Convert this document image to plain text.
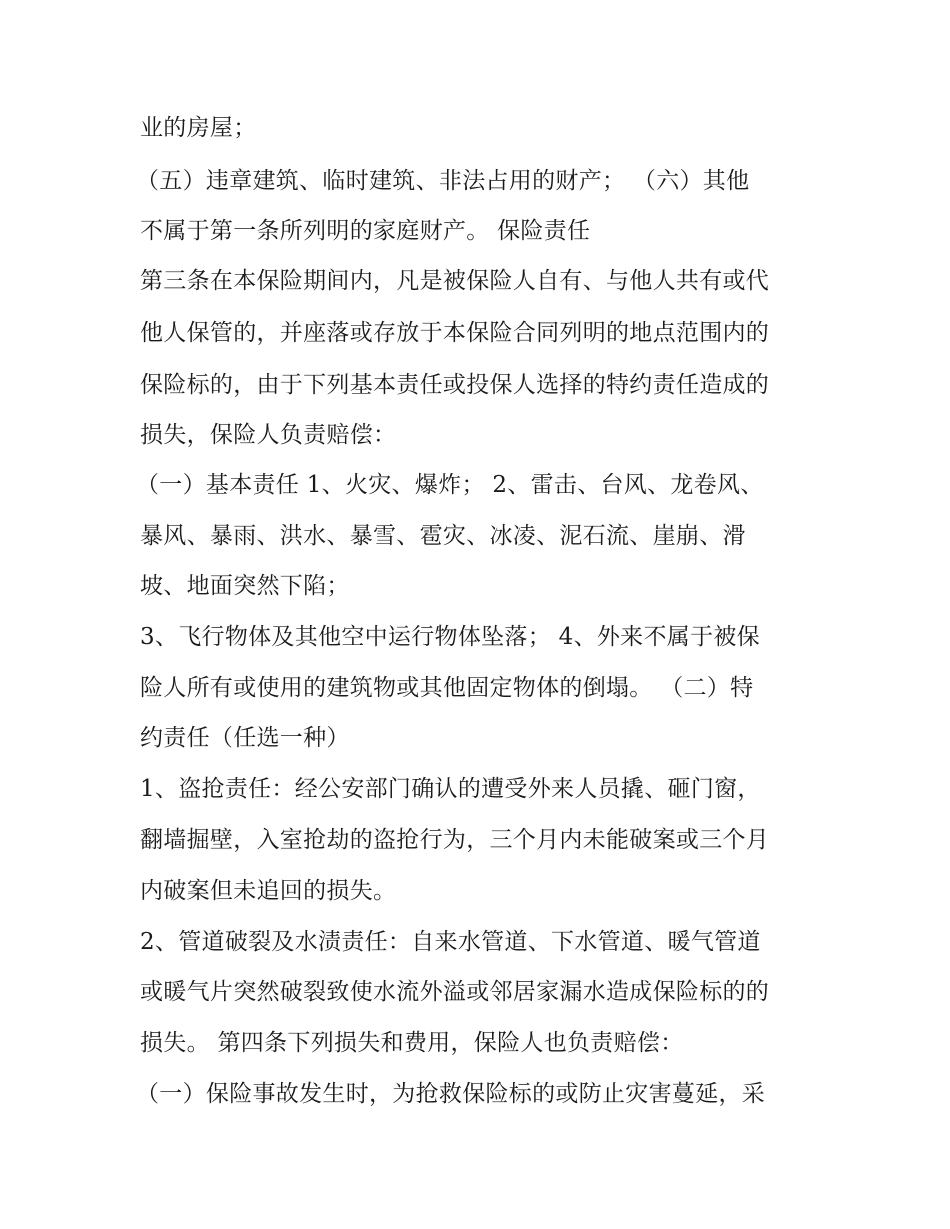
业的房屋；
（五）违章建筑、临时建筑、非法占用的财产； （六）其他
不属于第一条所列明的家庭财产。 保险责任
第三条在本保险期间内，凡是被保险人自有、与他人共有或代
他人保管的，并座落或存放于本保险合同列明的地点范围内的
保险标的，由于下列基本责任或投保人选择的特约责任造成的
损失，保险人负责赔偿：
（一）基本责任 1、火灾、爆炸； 2、雷击、台风、龙卷风、
暴风、暴雨、洪水、暴雪、雹灾、冰凌、泥石流、崖崩、滑
坡、地面突然下陷；
3、飞行物体及其他空中运行物体坠落； 4、外来不属于被保
险人所有或使用的建筑物或其他固定物体的倒塌。 （二）特
约责任（任选一种）
1、盗抢责任：经公安部门确认的遭受外来人员撬、砸门窗，
翻墙掘壁，入室抢劫的盗抢行为，三个月内未能破案或三个月
内破案但未追回的损失。
2、管道破裂及水渍责任：自来水管道、下水管道、暖气管道
或暖气片突然破裂致使水流外溢或邻居家漏水造成保险标的的
损失。 第四条下列损失和费用，保险人也负责赔偿：
（一）保险事故发生时，为抢救保险标的或防止灾害蔓延，采
